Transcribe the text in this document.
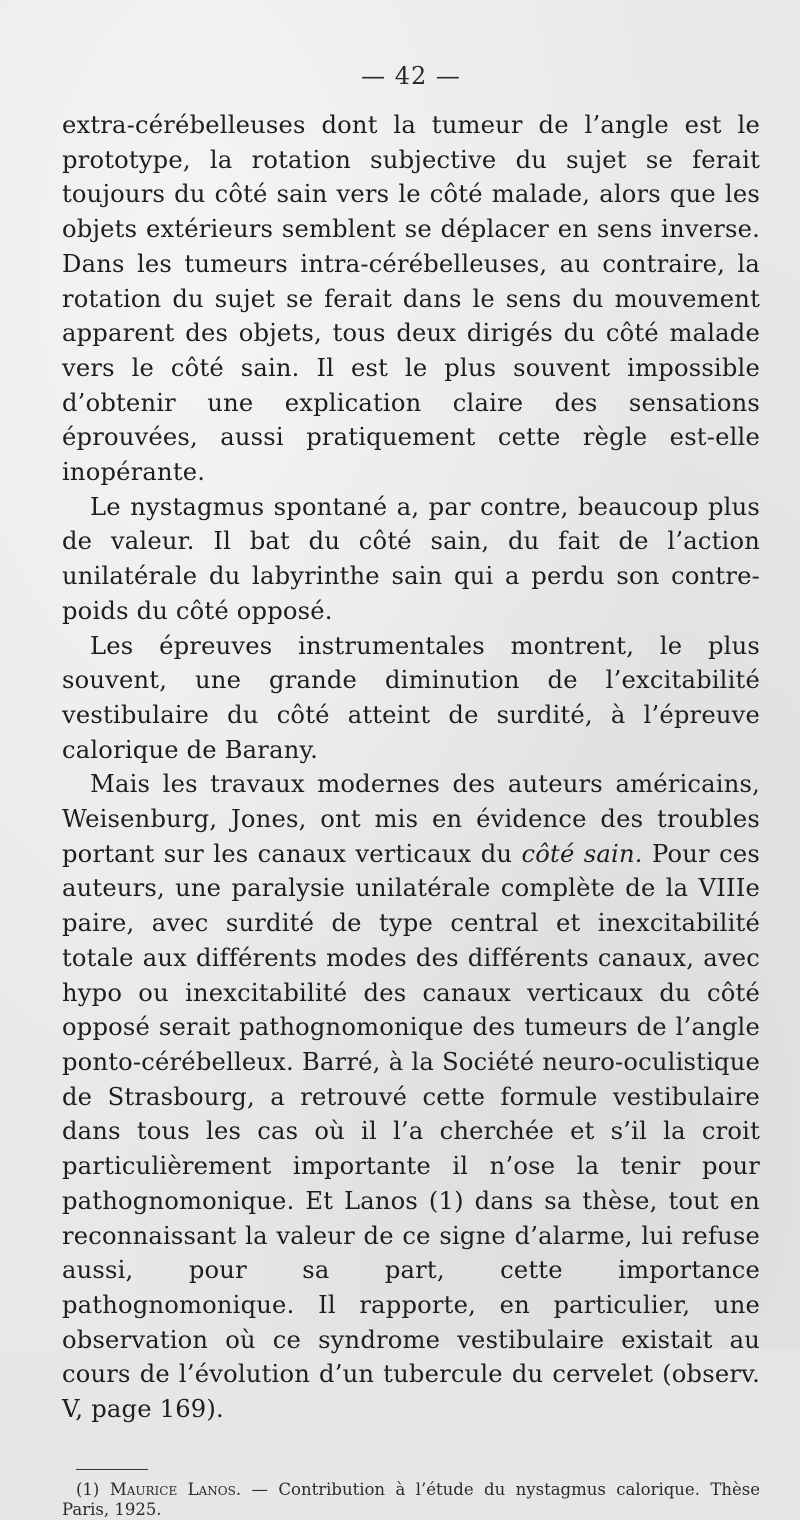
— 42 —

extra-cérébelleuses dont la tumeur de l’angle est le prototype, la rotation subjective du sujet se ferait toujours du côté sain vers le côté malade, alors que les objets extérieurs semblent se déplacer en sens inverse. Dans les tumeurs intra-cérébelleuses, au contraire, la rotation du sujet se ferait dans le sens du mouvement apparent des objets, tous deux dirigés du côté malade vers le côté sain. Il est le plus souvent impossible d’obtenir une explication claire des sensations éprouvées, aussi pratiquement cette règle est-elle inopérante.

Le nystagmus spontané a, par contre, beaucoup plus de valeur. Il bat du côté sain, du fait de l’action unilatérale du labyrinthe sain qui a perdu son contre-poids du côté opposé.

Les épreuves instrumentales montrent, le plus souvent, une grande diminution de l’excitabilité vestibulaire du côté atteint de surdité, à l’épreuve calorique de Barany.

Mais les travaux modernes des auteurs américains, Weisenburg, Jones, ont mis en évidence des troubles portant sur les canaux verticaux du côté sain. Pour ces auteurs, une paralysie unilatérale complète de la VIIIe paire, avec surdité de type central et inexcitabilité totale aux différents modes des différents canaux, avec hypo ou inexcitabilité des canaux verticaux du côté opposé serait pathognomonique des tumeurs de l’angle ponto-cérébelleux. Barré, à la Société neuro-oculistique de Strasbourg, a retrouvé cette formule vestibulaire dans tous les cas où il l’a cherchée et s’il la croit particulièrement importante il n’ose la tenir pour pathognomonique. Et Lanos (1) dans sa thèse, tout en reconnaissant la valeur de ce signe d’alarme, lui refuse aussi, pour sa part, cette importance pathognomonique. Il rapporte, en particulier, une observation où ce syndrome vestibulaire existait au cours de l’évolution d’un tubercule du cervelet (observ. V, page 169).

(1) Maurice Lanos. — Contribution à l’étude du nystagmus calorique. Thèse Paris, 1925.
